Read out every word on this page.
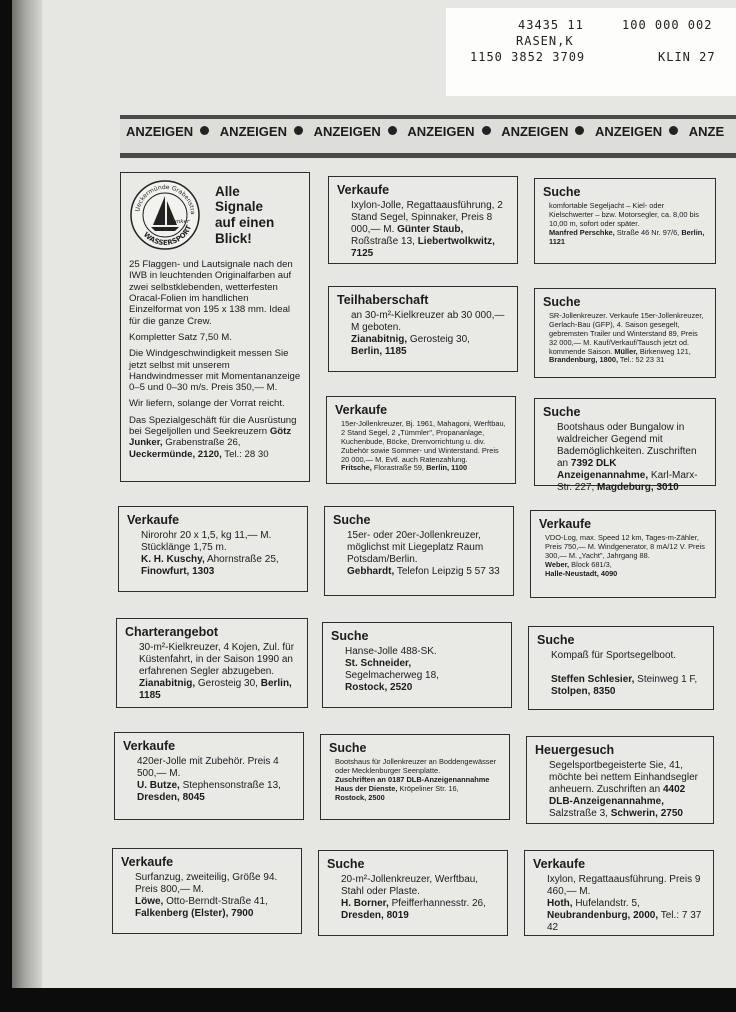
43435 11	100 000 002
RASEN,K
1150 3852 3709	KLIN 27
ANZEIGEN ANZEIGEN ANZEIGEN ANZEIGEN ANZEIGEN ANZEIGEN ANZE
Ueckermünde Grabenstra
WASSERSPORT
Junker
Alle
Signale
auf einen
Blick!

25 Flaggen- und Lautsignale nach den IWB in leuchtenden Originalfarben auf zwei selbstklebenden, wetterfesten Oracal-Folien im handlichen Einzelformat von 195 x 138 mm. Ideal für die ganze Crew.

Kompletter Satz 7,50 M.

Die Windgeschwindigkeit messen Sie jetzt selbst mit unserem Handwindmesser mit Momentananzeige 0–5 und 0–30 m/s. Preis 350,— M.

Wir liefern, solange der Vorrat reicht.

Das Spezialgeschäft für die Ausrüstung bei Segeljollen und Seekreuzern Götz Junker, Grabenstraße 26, Ueckermünde, 2120, Tel.: 28 30

Verkaufe

Ixylon-Jolle, Regattaausführung, 2 Stand Segel, Spinnaker, Preis 8 000,— M. Günter Staub, Roßstraße 13, Liebertwolkwitz, 7125

Suche

komfortable Segeljacht – Kiel- oder Kielschwerter – bzw. Motorsegler, ca. 8,00 bis 10,00 m, sofort oder später.
Manfred Perschke, Straße 46 Nr. 97/6, Berlin, 1121

Teilhaberschaft

an 30-m²-Kielkreuzer ab 30 000,— M geboten.
Zianabitnig, Gerosteig 30,
Berlin, 1185

Suche

SR-Jollenkreuzer. Verkaufe 15er-Jollenkreuzer, Gerlach-Bau (GFP), 4. Saison gesegelt, gebremsten Trailer und Winterstand 89, Preis 32 000,— M. Kauf/Verkauf/Tausch jetzt od. kommende Saison. Müller, Birkenweg 121, Brandenburg, 1800, Tel.: 52 23 31

Verkaufe

15er-Jollenkreuzer, Bj. 1961, Mahagoni, Werftbau, 2 Stand Segel, 2 „Tümmler", Propananlage, Kuchenbude, Böcke, Drenvorrichtung u. div. Zubehör sowie Sommer- und Winterstand. Preis 20 000,— M. Evtl. auch Ratenzahlung.
Fritsche, Florastraße 59, Berlin, 1100

Suche

Bootshaus oder Bungalow in waldreicher Gegend mit Bademöglichkeiten. Zuschriften an 7392 DLK Anzeigenannahme, Karl-Marx-Str. 227, Magdeburg, 3010

Verkaufe

Nirorohr 20 x 1,5, kg 11,— M. Stücklänge 1,75 m.
K. H. Kuschy, Ahornstraße 25,
Finowfurt, 1303

Suche

15er- oder 20er-Jollenkreuzer, möglichst mit Liegeplatz Raum Potsdam/Berlin.
Gebhardt, Telefon Leipzig 5 57 33

Verkaufe

VDO-Log, max. Speed 12 km, Tages-m-Zähler, Preis 750,— M. Windgenerator, 8 mA/12 V. Preis 300,— M. „Yacht", Jahrgang 88.
Weber, Block 681/3,
Halle-Neustadt, 4090

Charterangebot

30-m²-Kielkreuzer, 4 Kojen, Zul. für Küstenfahrt, in der Saison 1990 an erfahrenen Segler abzugeben. Zianabitnig, Gerosteig 30, Berlin, 1185

Suche

Hanse-Jolle 488-SK.
St. Schneider,
Segelmacherweg 18,
Rostock, 2520

Suche

Kompaß für Sportsegelboot.

Steffen Schlesier, Steinweg 1 F,
Stolpen, 8350

Verkaufe

420er-Jolle mit Zubehör. Preis 4 500,— M.
U. Butze, Stephensonstraße 13,
Dresden, 8045

Suche

Bootshaus für Jollenkreuzer an Boddengewässer oder Mecklenburger Seenplatte.
Zuschriften an 0187 DLB-Anzeigenannahme Haus der Dienste, Kröpeliner Str. 16,
Rostock, 2500

Heuergesuch

Segelsportbegeisterte Sie, 41, möchte bei nettem Einhandsegler anheuern. Zuschriften an 4402 DLB-Anzeigenannahme, Salzstraße 3, Schwerin, 2750

Verkaufe

Surfanzug, zweiteilig, Größe 94. Preis 800,— M.
Löwe, Otto-Berndt-Straße 41,
Falkenberg (Elster), 7900

Suche

20-m²-Jollenkreuzer, Werftbau, Stahl oder Plaste.
H. Borner, Pfeifferhannesstr. 26,
Dresden, 8019

Verkaufe

Ixylon, Regattaausführung. Preis 9 460,— M.
Hoth, Hufelandstr. 5, Neubrandenburg, 2000, Tel.: 7 37 42
